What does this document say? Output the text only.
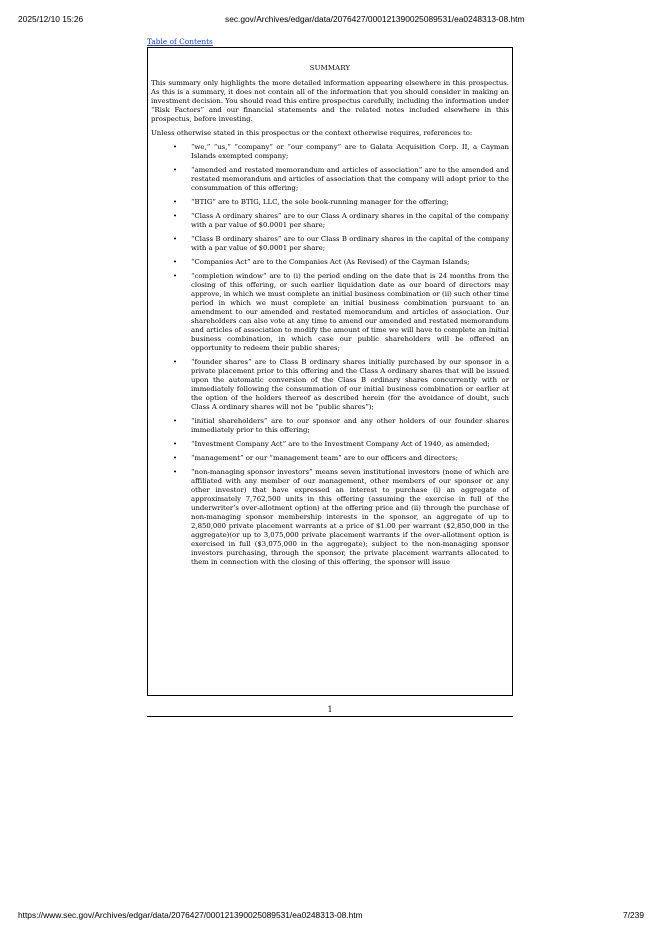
2025/12/10 15:26	sec.gov/Archives/edgar/data/2076427/000121390025089531/ea0248313-08.htm
Table of Contents
SUMMARY

This summary only highlights the more detailed information appearing elsewhere in this prospectus. As this is a summary, it does not contain all of the information that you should consider in making an investment decision. You should read this entire prospectus carefully, including the information under “Risk Factors” and our financial statements and the related notes included elsewhere in this prospectus, before investing.

Unless otherwise stated in this prospectus or the context otherwise requires, references to:

• “we,” “us,” “company” or “our company” are to Galata Acquisition Corp. II, a Cayman Islands exempted company;
• “amended and restated memorandum and articles of association” are to the amended and restated memorandum and articles of association that the company will adopt prior to the consummation of this offering;
• “BTIG” are to BTIG, LLC, the sole book-running manager for the offering;
• “Class A ordinary shares” are to our Class A ordinary shares in the capital of the company with a par value of $0.0001 per share;
• “Class B ordinary shares” are to our Class B ordinary shares in the capital of the company with a par value of $0.0001 per share;
• “Companies Act” are to the Companies Act (As Revised) of the Cayman Islands;
• “completion window” are to (i) the period ending on the date that is 24 months from the closing of this offering, or such earlier liquidation date as our board of directors may approve, in which we must complete an initial business combination or (ii) such other time period in which we must complete an initial business combination pursuant to an amendment to our amended and restated memorandum and articles of association. Our shareholders can also vote at any time to amend our amended and restated memorandum and articles of association to modify the amount of time we will have to complete an initial business combination, in which case our public shareholders will be offered an opportunity to redeem their public shares;
• “founder shares” are to Class B ordinary shares initially purchased by our sponsor in a private placement prior to this offering and the Class A ordinary shares that will be issued upon the automatic conversion of the Class B ordinary shares concurrently with or immediately following the consummation of our initial business combination or earlier at the option of the holders thereof as described herein (for the avoidance of doubt, such Class A ordinary shares will not be “public shares”);
• “initial shareholders” are to our sponsor and any other holders of our founder shares immediately prior to this offering;
• “Investment Company Act” are to the Investment Company Act of 1940, as amended;
• “management” or our “management team” are to our officers and directors;
• “non-managing sponsor investors” means seven institutional investors (none of which are affiliated with any member of our management, other members of our sponsor or any other investor) that have expressed an interest to purchase (i) an aggregate of approximately 7,762,500 units in this offering (assuming the exercise in full of the underwriter’s over-allotment option) at the offering price and (ii) through the purchase of non-managing sponsor membership interests in the sponsor, an aggregate of up to 2,850,000 private placement warrants at a price of $1.00 per warrant ($2,850,000 in the aggregate)(or up to 3,075,000 private placement warrants if the over-allotment option is exercised in full ($3,075,000 in the aggregate); subject to the non-managing sponsor investors purchasing, through the sponsor, the private placement warrants allocated to them in connection with the closing of this offering, the sponsor will issue
1
https://www.sec.gov/Archives/edgar/data/2076427/000121390025089531/ea0248313-08.htm	7/239
